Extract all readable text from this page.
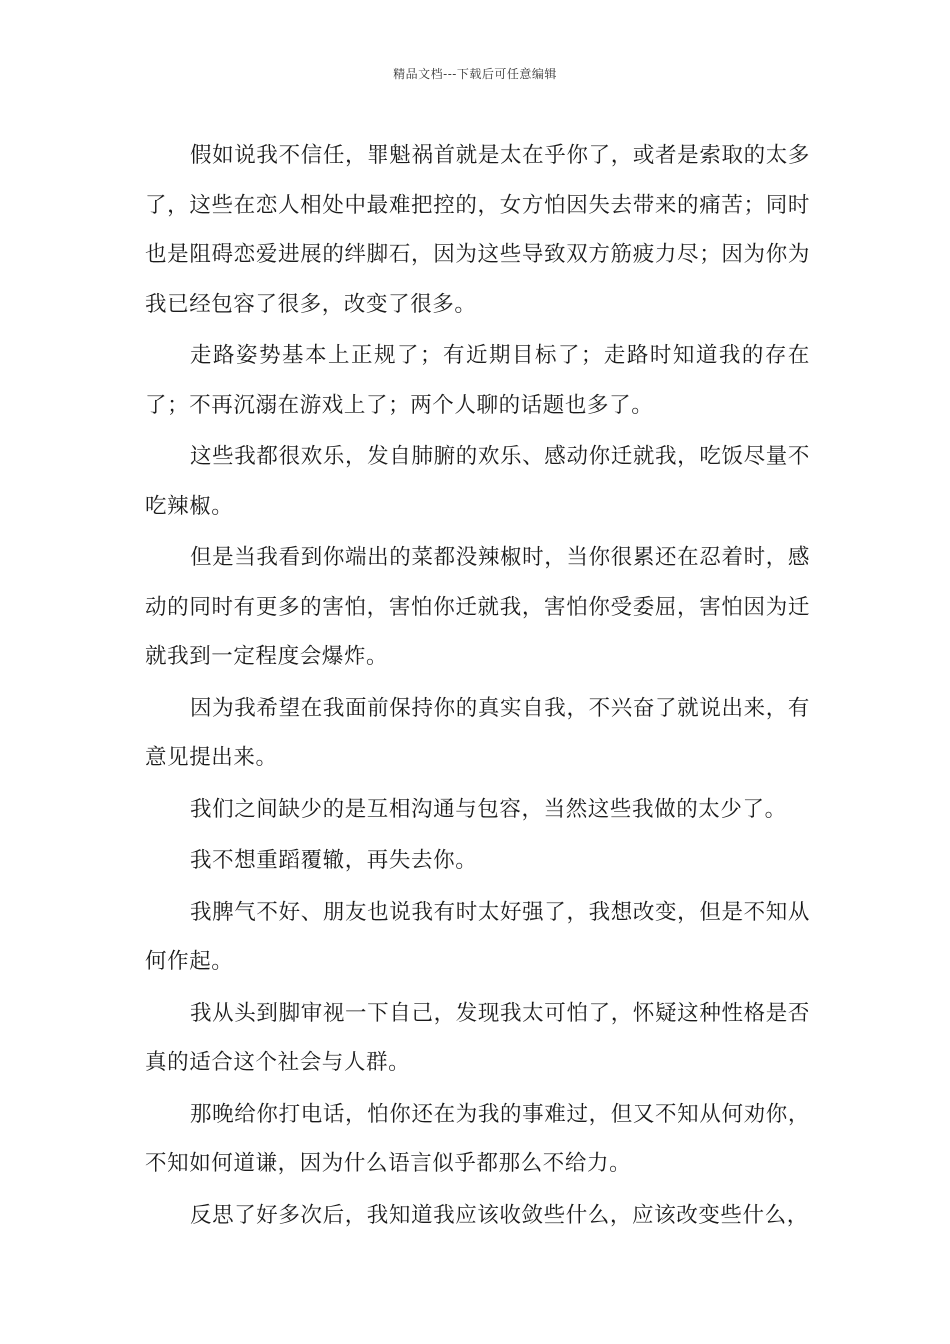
精品文档---下载后可任意编辑

假如说我不信任，罪魁祸首就是太在乎你了，或者是索取的太多了，这些在恋人相处中最难把控的，女方怕因失去带来的痛苦；同时也是阻碍恋爱进展的绊脚石，因为这些导致双方筋疲力尽；因为你为我已经包容了很多，改变了很多。

走路姿势基本上正规了；有近期目标了；走路时知道我的存在了；不再沉溺在游戏上了；两个人聊的话题也多了。

这些我都很欢乐，发自肺腑的欢乐、感动你迁就我，吃饭尽量不吃辣椒。

但是当我看到你端出的菜都没辣椒时，当你很累还在忍着时，感动的同时有更多的害怕，害怕你迁就我，害怕你受委屈，害怕因为迁就我到一定程度会爆炸。

因为我希望在我面前保持你的真实自我，不兴奋了就说出来，有意见提出来。

我们之间缺少的是互相沟通与包容，当然这些我做的太少了。

我不想重蹈覆辙，再失去你。

我脾气不好、朋友也说我有时太好强了，我想改变，但是不知从何作起。

我从头到脚审视一下自己，发现我太可怕了，怀疑这种性格是否真的适合这个社会与人群。

那晚给你打电话，怕你还在为我的事难过，但又不知从何劝你，不知如何道谦，因为什么语言似乎都那么不给力。

反思了好多次后，我知道我应该收敛些什么，应该改变些什么，
